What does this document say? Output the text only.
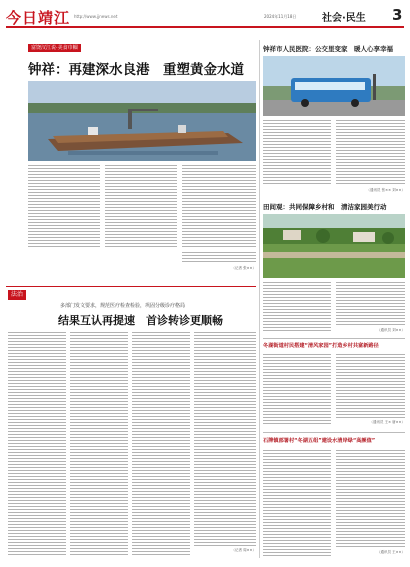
今日靖江 http://www.jjnews.net	2024年11月18日	社会·民生 3
富饶汉江说·美食巾帼
钟祥：再建深水良港　重塑黄金水道
（记者 张××）
钟祥市人民医院：公交里变家　暖人心享幸福
（通讯员 张×× 刘××）
田间观：共同保障乡村和　清洁家园美行动
（通讯员 刘××）
法治
多部门发文要求，规范医疗检查检验，巩固分级诊疗格局
结果互认再提速　首诊转诊更顺畅
（记者 周××）
冬湖街道村民搭建“清风家园”打造乡村共富新路径
（通讯员 王× 唐××）
石牌镇部署村“冬湖五组”建设水清岸绿“高颜值”
（通讯员 王××）
